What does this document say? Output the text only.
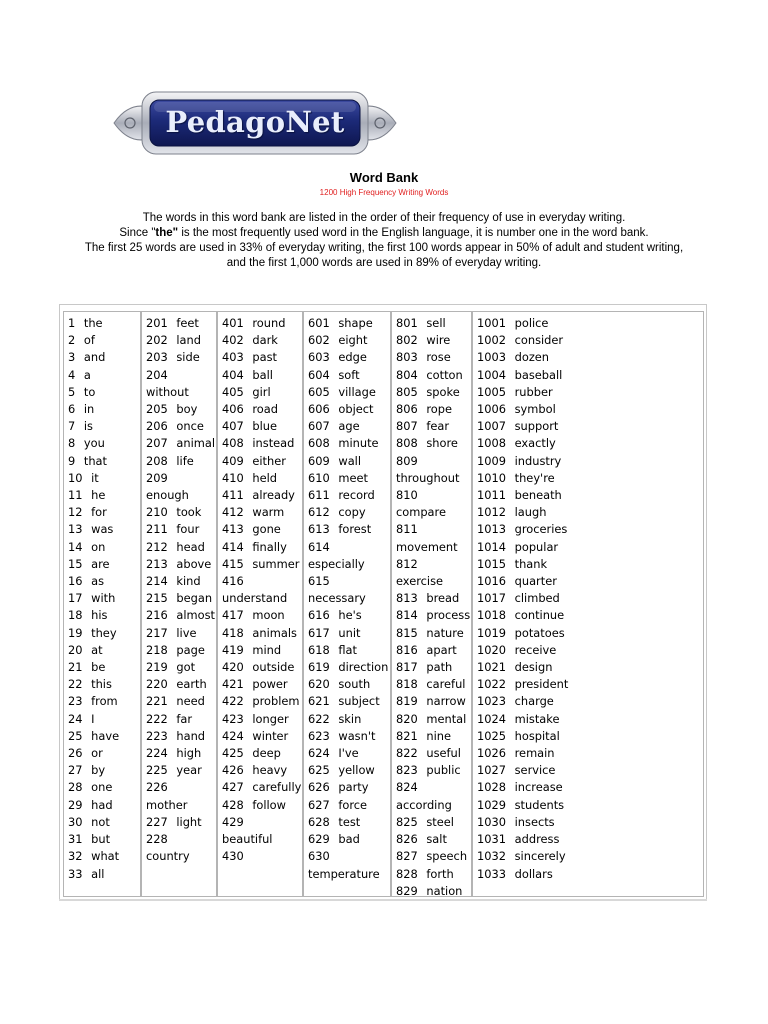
PedagoNet
Word Bank
1200 High Frequency Writing Words

The words in this word bank are listed in the order of their frequency of use in everyday writing.

Since "the" is the most frequently used word in the English language, it is number one in the word bank.

The first 25 words are used in 33% of everyday writing, the first 100 words appear in 50% of adult and student writing,

and the first 1,000 words are used in 89% of everyday writing.

1 the
2 of
3 and
4 a
5 to
6 in
7 is
8 you
9 that
10 it
11 he
12 for
13 was
14 on
15 are
16 as
17 with
18 his
19 they
20 at
21 be
22 this
23 from
24 I
25 have
26 or
27 by
28 one
29 had
30 not
31 but
32 what
33 all
201 feet
202 land
203 side
204 without
205 boy
206 once
207 animal
208 life
209 enough
210 took
211 four
212 head
213 above
214 kind
215 began
216 almost
217 live
218 page
219 got
220 earth
221 need
222 far
223 hand
224 high
225 year
226 mother
227 light
228 country
401 round
402 dark
403 past
404 ball
405 girl
406 road
407 blue
408 instead
409 either
410 held
411 already
412 warm
413 gone
414 finally
415 summer
416 understand
417 moon
418 animals
419 mind
420 outside
421 power
422 problem
423 longer
424 winter
425 deep
426 heavy
427 carefully
428 follow
429 beautiful
430
601 shape
602 eight
603 edge
604 soft
605 village
606 object
607 age
608 minute
609 wall
610 meet
611 record
612 copy
613 forest
614 especially
615 necessary
616 he's
617 unit
618 flat
619 direction
620 south
621 subject
622 skin
623 wasn't
624 I've
625 yellow
626 party
627 force
628 test
629 bad
630 temperature
801 sell
802 wire
803 rose
804 cotton
805 spoke
806 rope
807 fear
808 shore
809 throughout
810 compare
811 movement
812 exercise
813 bread
814 process
815 nature
816 apart
817 path
818 careful
819 narrow
820 mental
821 nine
822 useful
823 public
824 according
825 steel
826 salt
827 speech
828 forth
829 nation
1001 police
1002 consider
1003 dozen
1004 baseball
1005 rubber
1006 symbol
1007 support
1008 exactly
1009 industry
1010 they're
1011 beneath
1012 laugh
1013 groceries
1014 popular
1015 thank
1016 quarter
1017 climbed
1018 continue
1019 potatoes
1020 receive
1021 design
1022 president
1023 charge
1024 mistake
1025 hospital
1026 remain
1027 service
1028 increase
1029 students
1030 insects
1031 address
1032 sincerely
1033 dollars
